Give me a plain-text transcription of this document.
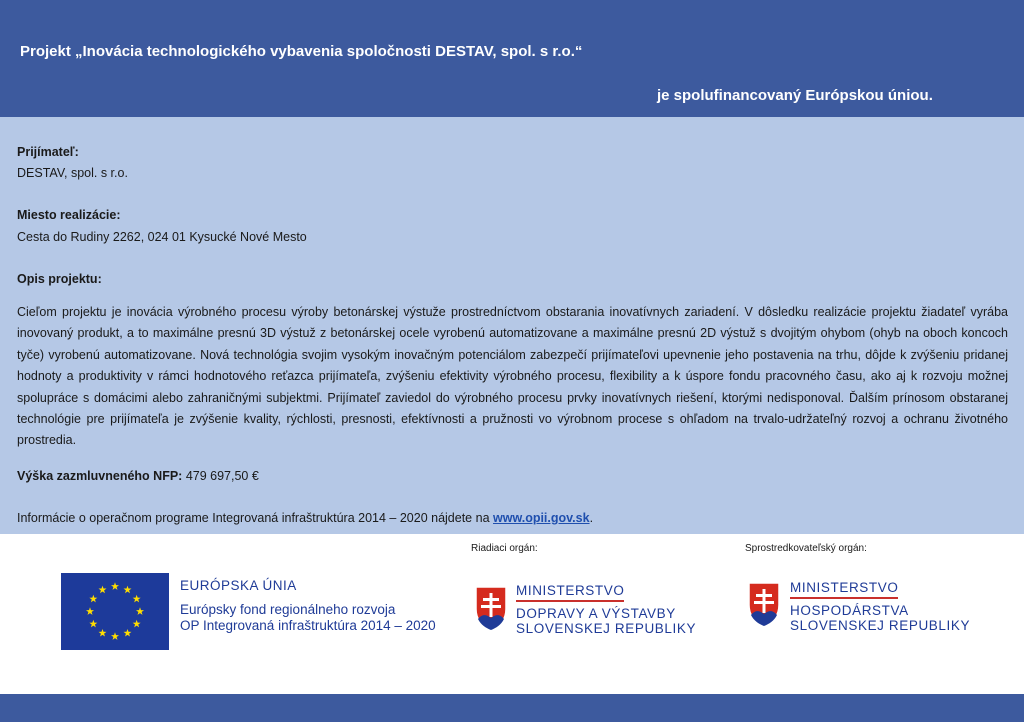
Projekt „Inovácia technologického vybavenia spoločnosti DESTAV, spol. s r.o.“
je spolufinancovaný Európskou úniou.
Prijímateľ:
DESTAV, spol. s r.o.
Miesto realizácie:
Cesta do Rudiny 2262, 024 01 Kysucké Nové Mesto
Opis projektu:
Cieľom projektu je inovácia výrobného procesu výroby betonárskej výstuže prostredníctvom obstarania inovatívnych zariadení. V dôsledku realizácie projektu žiadateľ vyrába inovovaný produkt, a to maximálne presnú 3D výstuž z betonárskej ocele vyrobenú automatizovane a maximálne presnú 2D výstuž s dvojitým ohybom (ohyb na oboch koncoch tyče) vyrobenú automatizovane. Nová technológia svojim vysokým inovačným potenciálom zabezpečí prijímateľovi upevnenie jeho postavenia na trhu, dôjde k zvýšeniu pridanej hodnoty a produktivity v rámci hodnotového reťazca prijímateľa, zvýšeniu efektivity výrobného procesu, flexibility a k úspore fondu pracovného času, ako aj k rozvoju možnej spolupráce s domácimi alebo zahraničnými subjektmi. Prijímateľ zaviedol do výrobného procesu prvky inovatívnych riešení, ktorými nedisponoval. Ďalším prínosom obstaranej technológie pre prijímateľa je zvýšenie kvality, rýchlosti, presnosti, efektívnosti a pružnosti vo výrobnom procese s ohľadom na trvalo-udržateľný rozvoj a ochranu životného prostredia.
Výška zazmluvneného NFP: 479 697,50 €
Informácie o operačnom programe Integrovaná infraštruktúra 2014 – 2020 nájdete na www.opii.gov.sk.
EURÓPSKA ÚNIA
Európsky fond regionálneho rozvoja
OP Integrovaná infraštruktúra 2014 – 2020
Riadiaci orgán:
MINISTERSTVO
DOPRAVY A VÝSTAVBY
SLOVENSKEJ REPUBLIKY
Sprostredkovateľský orgán:
MINISTERSTVO
HOSPODÁRSTVA
SLOVENSKEJ REPUBLIKY
